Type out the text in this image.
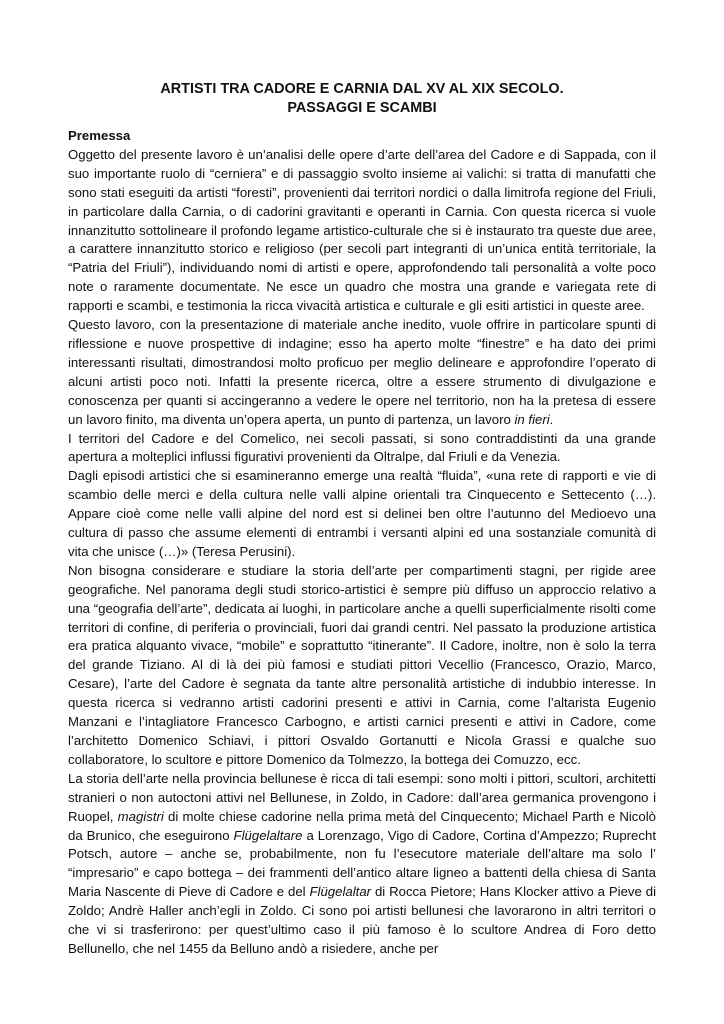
ARTISTI TRA CADORE E CARNIA DAL XV AL XIX SECOLO.
PASSAGGI E SCAMBI

Premessa

Oggetto del presente lavoro è un’analisi delle opere d’arte dell’area del Cadore e di Sappada, con il suo importante ruolo di “cerniera” e di passaggio svolto insieme ai valichi: si tratta di manufatti che sono stati eseguiti da artisti “foresti”, provenienti dai territori nordici o dalla limitrofa regione del Friuli, in particolare dalla Carnia, o di cadorini gravitanti e operanti in Carnia. Con questa ricerca si vuole innanzitutto sottolineare il profondo legame artistico-culturale che si è instaurato tra queste due aree, a carattere innanzitutto storico e religioso (per secoli part integranti di un’unica entità territoriale, la “Patria del Friuli”), individuando nomi di artisti e opere, approfondendo tali personalità a volte poco note o raramente documentate. Ne esce un quadro che mostra una grande e variegata rete di rapporti e scambi, e testimonia la ricca vivacità artistica e culturale e gli esiti artistici in queste aree.

Questo lavoro, con la presentazione di materiale anche inedito, vuole offrire in particolare spunti di riflessione e nuove prospettive di indagine; esso ha aperto molte “finestre” e ha dato dei primi interessanti risultati, dimostrandosi molto proficuo per meglio delineare e approfondire l’operato di alcuni artisti poco noti. Infatti la presente ricerca, oltre a essere strumento di divulgazione e conoscenza per quanti si accingeranno a vedere le opere nel territorio, non ha la pretesa di essere un lavoro finito, ma diventa un’opera aperta, un punto di partenza, un lavoro in fieri.

I territori del Cadore e del Comelico, nei secoli passati, si sono contraddistinti da una grande apertura a molteplici influssi figurativi provenienti da Oltralpe, dal Friuli e da Venezia.

Dagli episodi artistici che si esamineranno emerge una realtà “fluida”, «una rete di rapporti e vie di scambio delle merci e della cultura nelle valli alpine orientali tra Cinquecento e Settecento (…). Appare cioè come nelle valli alpine del nord est si delinei ben oltre l’autunno del Medioevo una cultura di passo che assume elementi di entrambi i versanti alpini ed una sostanziale comunità di vita che unisce (…)» (Teresa Perusini).

Non bisogna considerare e studiare la storia dell’arte per compartimenti stagni, per rigide aree geografiche. Nel panorama degli studi storico-artistici è sempre più diffuso un approccio relativo a una “geografia dell’arte”, dedicata ai luoghi, in particolare anche a quelli superficialmente risolti come territori di confine, di periferia o provinciali, fuori dai grandi centri. Nel passato la produzione artistica era pratica alquanto vivace, “mobile” e soprattutto “itinerante”. Il Cadore, inoltre, non è solo la terra del grande Tiziano. Al di là dei più famosi e studiati pittori Vecellio (Francesco, Orazio, Marco, Cesare), l’arte del Cadore è segnata da tante altre personalità artistiche di indubbio interesse. In questa ricerca si vedranno artisti cadorini presenti e attivi in Carnia, come l’altarista Eugenio Manzani e l’intagliatore Francesco Carbogno, e artisti carnici presenti e attivi in Cadore, come l’architetto Domenico Schiavi, i pittori Osvaldo Gortanutti e Nicola Grassi e qualche suo collaboratore, lo scultore e pittore Domenico da Tolmezzo, la bottega dei Comuzzo, ecc.

La storia dell’arte nella provincia bellunese è ricca di tali esempi: sono molti i pittori, scultori, architetti stranieri o non autoctoni attivi nel Bellunese, in Zoldo, in Cadore: dall’area germanica provengono i Ruopel, magistri di molte chiese cadorine nella prima metà del Cinquecento; Michael Parth e Nicolò da Brunico, che eseguirono Flügelaltare a Lorenzago, Vigo di Cadore, Cortina d’Ampezzo; Ruprecht Potsch, autore – anche se, probabilmente, non fu l’esecutore materiale dell’altare ma solo l’ “impresario” e capo bottega – dei frammenti dell’antico altare ligneo a battenti della chiesa di Santa Maria Nascente di Pieve di Cadore e del Flügelaltar di Rocca Pietore; Hans Klocker attivo a Pieve di Zoldo; Andrè Haller anch’egli in Zoldo. Ci sono poi artisti bellunesi che lavorarono in altri territori o che vi si trasferirono: per quest’ultimo caso il più famoso è lo scultore Andrea di Foro detto Bellunello, che nel 1455 da Belluno andò a risiedere, anche per
